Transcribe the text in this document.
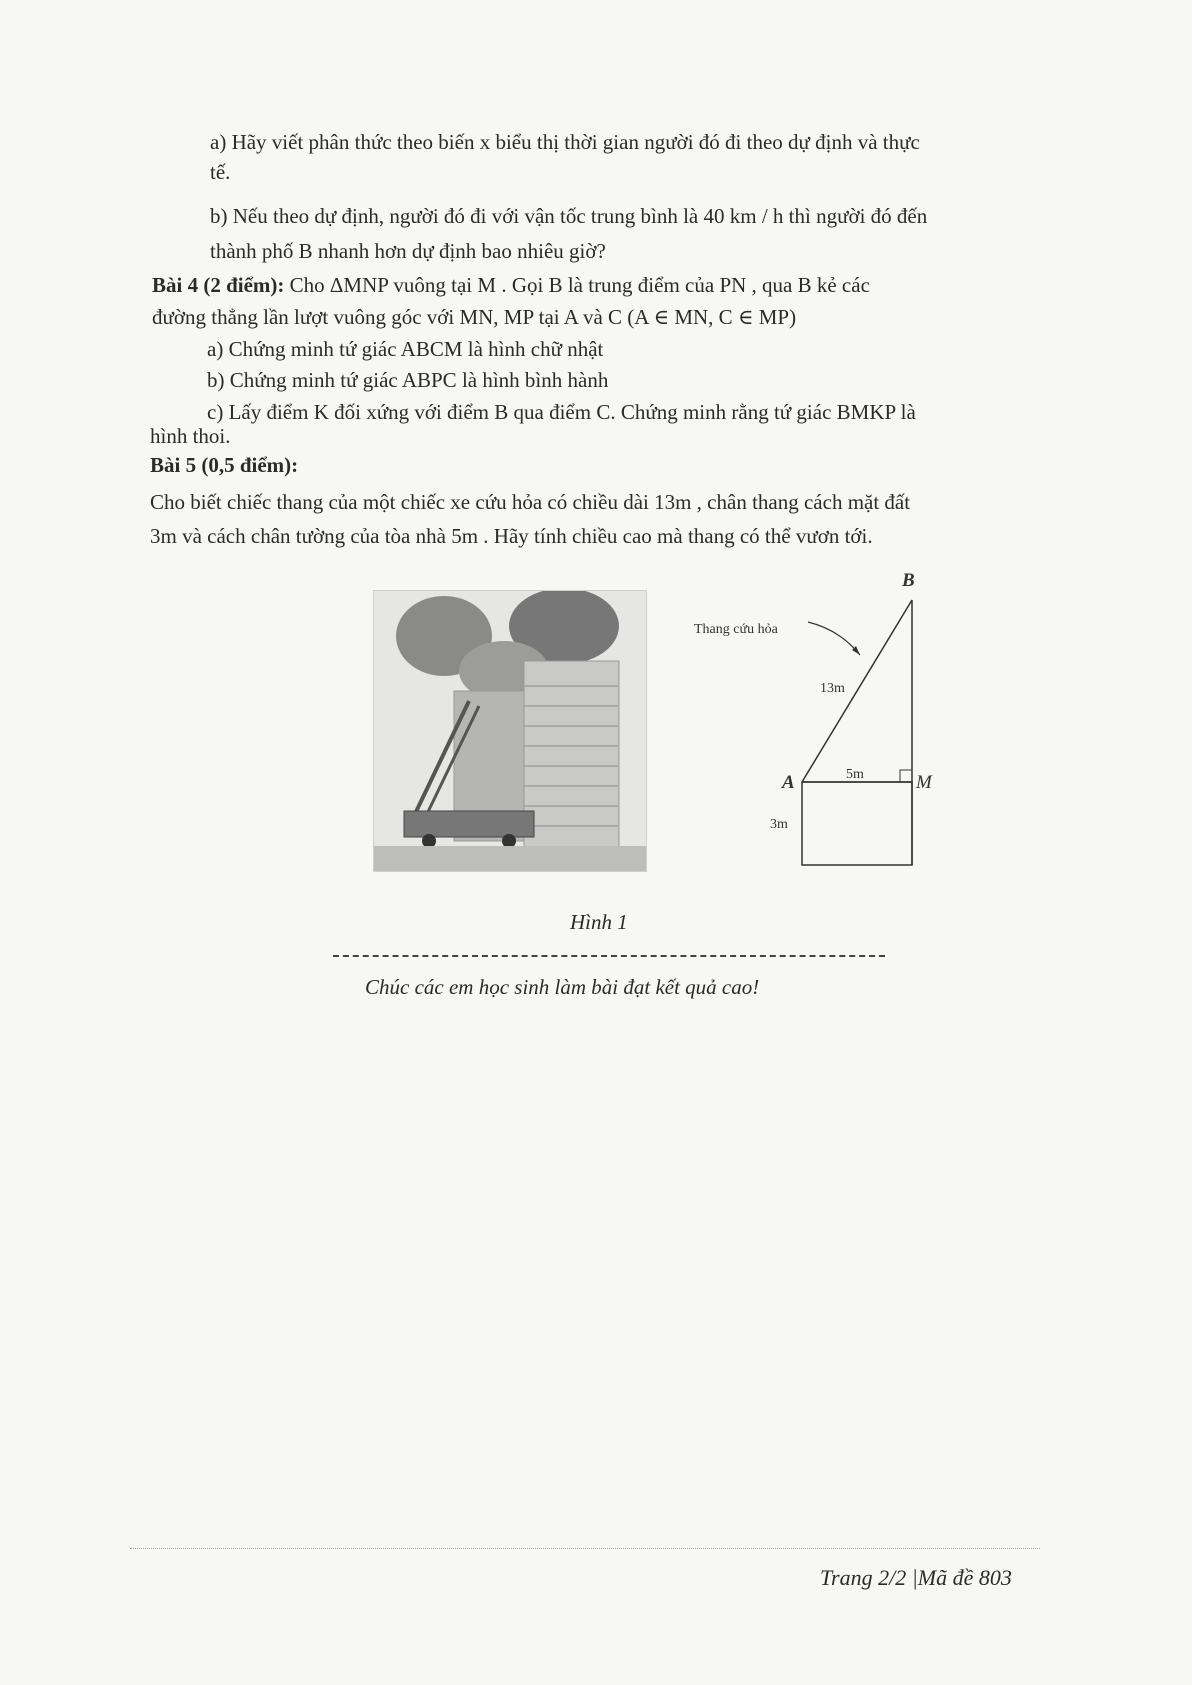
a) Hãy viết phân thức theo biến x biểu thị thời gian người đó đi theo dự định và thực
tế.
b) Nếu theo dự định, người đó đi với vận tốc trung bình là 40 km / h thì người đó đến
thành phố B nhanh hơn dự định bao nhiêu giờ?
Bài 4 (2 điểm): Cho ΔMNP vuông tại M . Gọi B là trung điểm của PN , qua B kẻ các
đường thẳng lần lượt vuông góc với MN, MP tại A và C (A ∈ MN, C ∈ MP)
a) Chứng minh tứ giác ABCM là hình chữ nhật
b) Chứng minh tứ giác ABPC là hình bình hành
c) Lấy điểm K đối xứng với điểm B qua điểm C. Chứng minh rằng tứ giác BMKP là
hình thoi.
Bài 5 (0,5 điểm):
Cho biết chiếc thang của một chiếc xe cứu hỏa có chiều dài 13m , chân thang cách mặt đất
3m và cách chân tường của tòa nhà 5m . Hãy tính chiều cao mà thang có thể vươn tới.
B
A	M
Thang cứu hỏa
13m
5m
3m
Hình 1
Chúc các em học sinh làm bài đạt kết quả cao!
Trang 2/2 |Mã đề 803
